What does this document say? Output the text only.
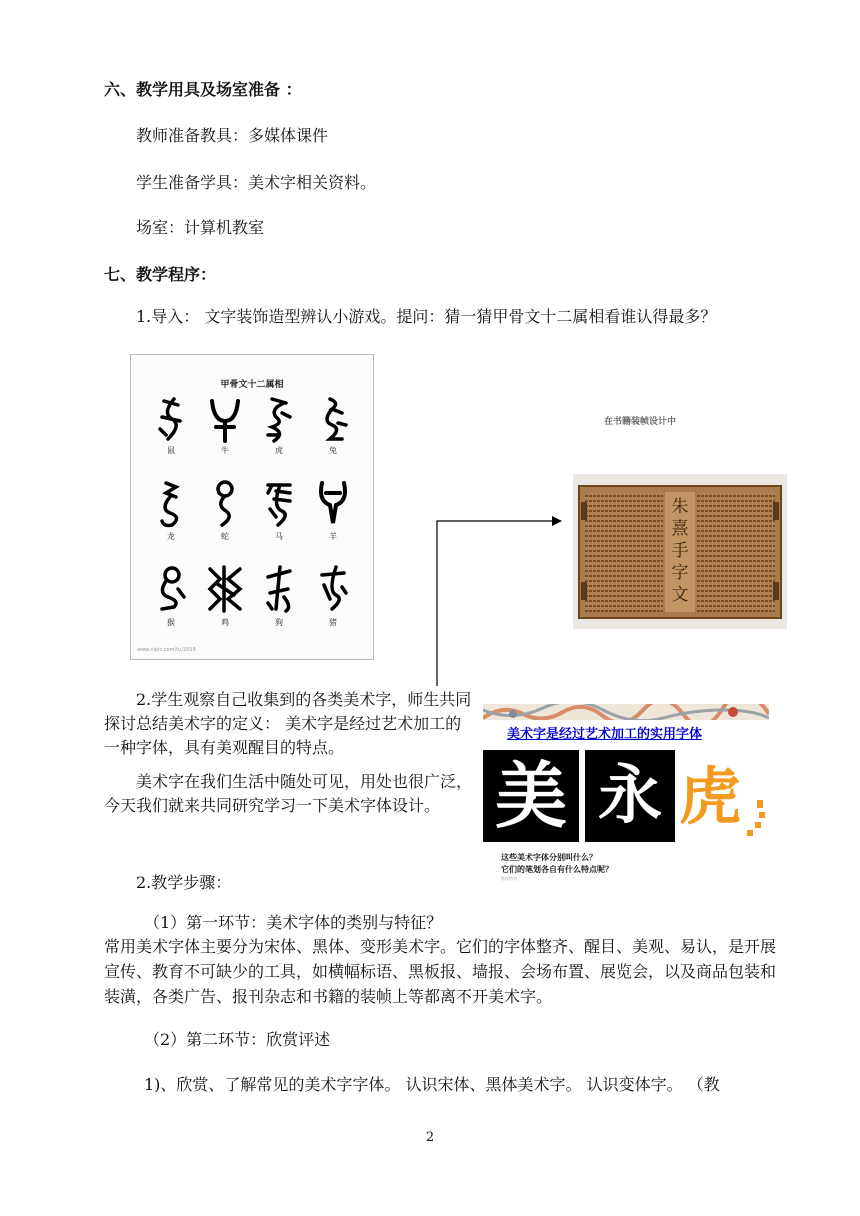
六、教学用具及场室准备 ：
教师准备教具：多媒体课件
学生准备学具：美术字相关资料。
场室：计算机教室
七、教学程序：
1.导入： 文字装饰造型辨认小游戏。提问：猜一猜甲骨文十二属相看谁认得最多？
甲骨文十二属相
鼠	牛	虎	兔
龙	蛇	马	羊
猴	鸡	狗	猪
www.nipic.com/tu/2018
在书籍装帧设计中
朱熹手字文
2.学生观察自己收集到的各类美术字，师生共同探讨总结美术字的定义： 美术字是经过艺术加工的一种字体，具有美观醒目的特点。
美术字在我们生活中随处可见，用处也很广泛，今天我们就来共同研究学习一下美术字体设计。
2.教学步骤：
美术字是经过艺术加工的实用字体
美 永 虎
这些美术字体分别叫什么？
它们的笔划各自有什么特点呢？
版权所有
（1）第一环节：美术字体的类别与特征？
常用美术字体主要分为宋体、黑体、变形美术字。它们的字体整齐、醒目、美观、易认，是开展宣传、教育不可缺少的工具，如横幅标语、黑板报、墙报、会场布置、展览会，以及商品包装和装潢，各类广告、报刊杂志和书籍的装帧上等都离不开美术字。
（2）第二环节：欣赏评述
1)、欣赏、了解常见的美术字字体。 认识宋体、黑体美术字。 认识变体字。 （教
2
